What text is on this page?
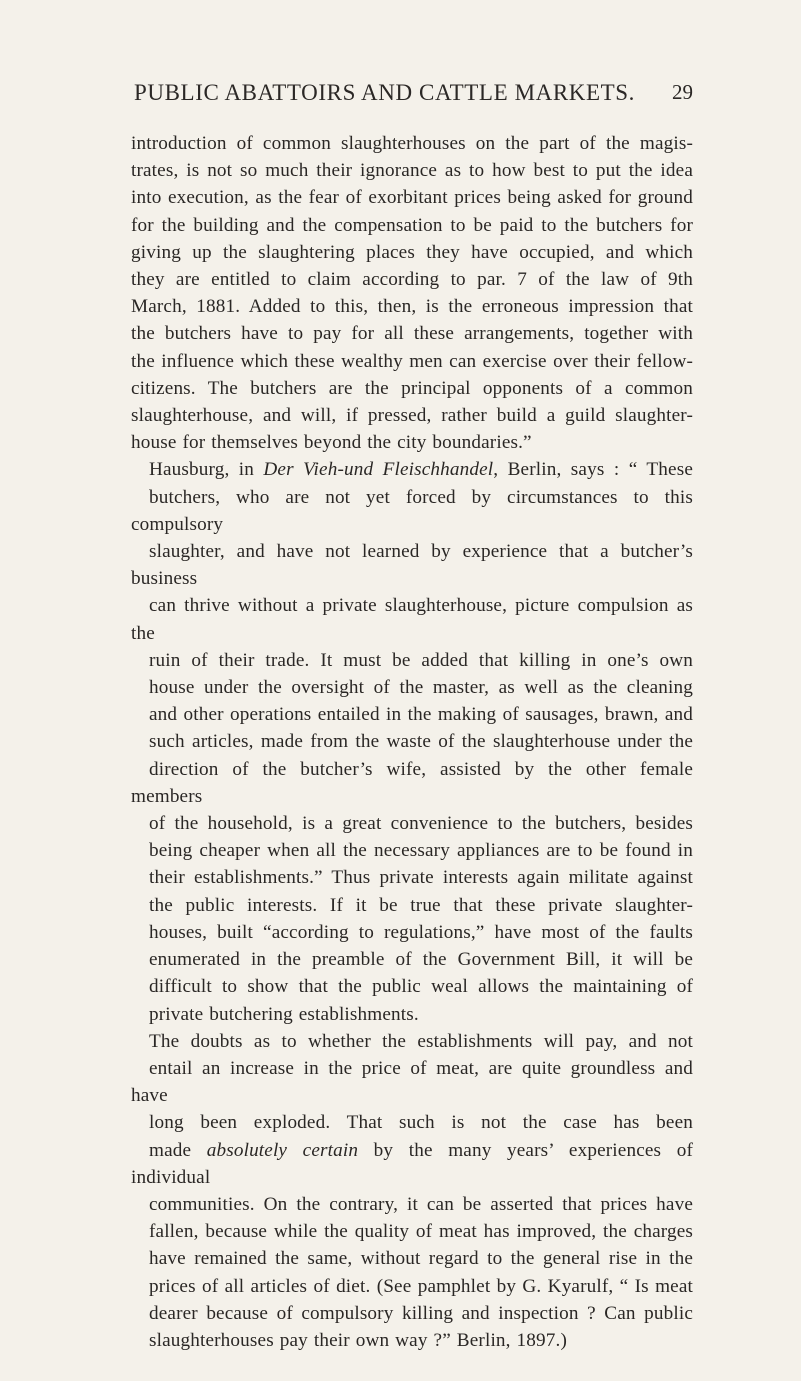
PUBLIC ABATTOIRS AND CATTLE MARKETS. 29

introduction of common slaughterhouses on the part of the magis-
trates, is not so much their ignorance as to how best to put the idea
into execution, as the fear of exorbitant prices being asked for ground
for the building and the compensation to be paid to the butchers for
giving up the slaughtering places they have occupied, and which
they are entitled to claim according to par. 7 of the law of 9th
March, 1881. Added to this, then, is the erroneous impression that
the butchers have to pay for all these arrangements, together with
the influence which these wealthy men can exercise over their fellow-
citizens. The butchers are the principal opponents of a common
slaughterhouse, and will, if pressed, rather build a guild slaughter-
house for themselves beyond the city boundaries.”

Hausburg, in Der Vieh-und Fleischhandel, Berlin, says : “ These
butchers, who are not yet forced by circumstances to this compulsory
slaughter, and have not learned by experience that a butcher’s business
can thrive without a private slaughterhouse, picture compulsion as the
ruin of their trade. It must be added that killing in one’s own
house under the oversight of the master, as well as the cleaning
and other operations entailed in the making of sausages, brawn, and
such articles, made from the waste of the slaughterhouse under the
direction of the butcher’s wife, assisted by the other female members
of the household, is a great convenience to the butchers, besides
being cheaper when all the necessary appliances are to be found in
their establishments.” Thus private interests again militate against
the public interests. If it be true that these private slaughter-
houses, built “according to regulations,” have most of the faults
enumerated in the preamble of the Government Bill, it will be
difficult to show that the public weal allows the maintaining of
private butchering establishments.

The doubts as to whether the establishments will pay, and not
entail an increase in the price of meat, are quite groundless and have
long been exploded. That such is not the case has been
made absolutely certain by the many years’ experiences of individual
communities. On the contrary, it can be asserted that prices have
fallen, because while the quality of meat has improved, the charges
have remained the same, without regard to the general rise in the
prices of all articles of diet. (See pamphlet by G. Kyarulf, “ Is meat
dearer because of compulsory killing and inspection ? Can public
slaughterhouses pay their own way ?” Berlin, 1897.)
